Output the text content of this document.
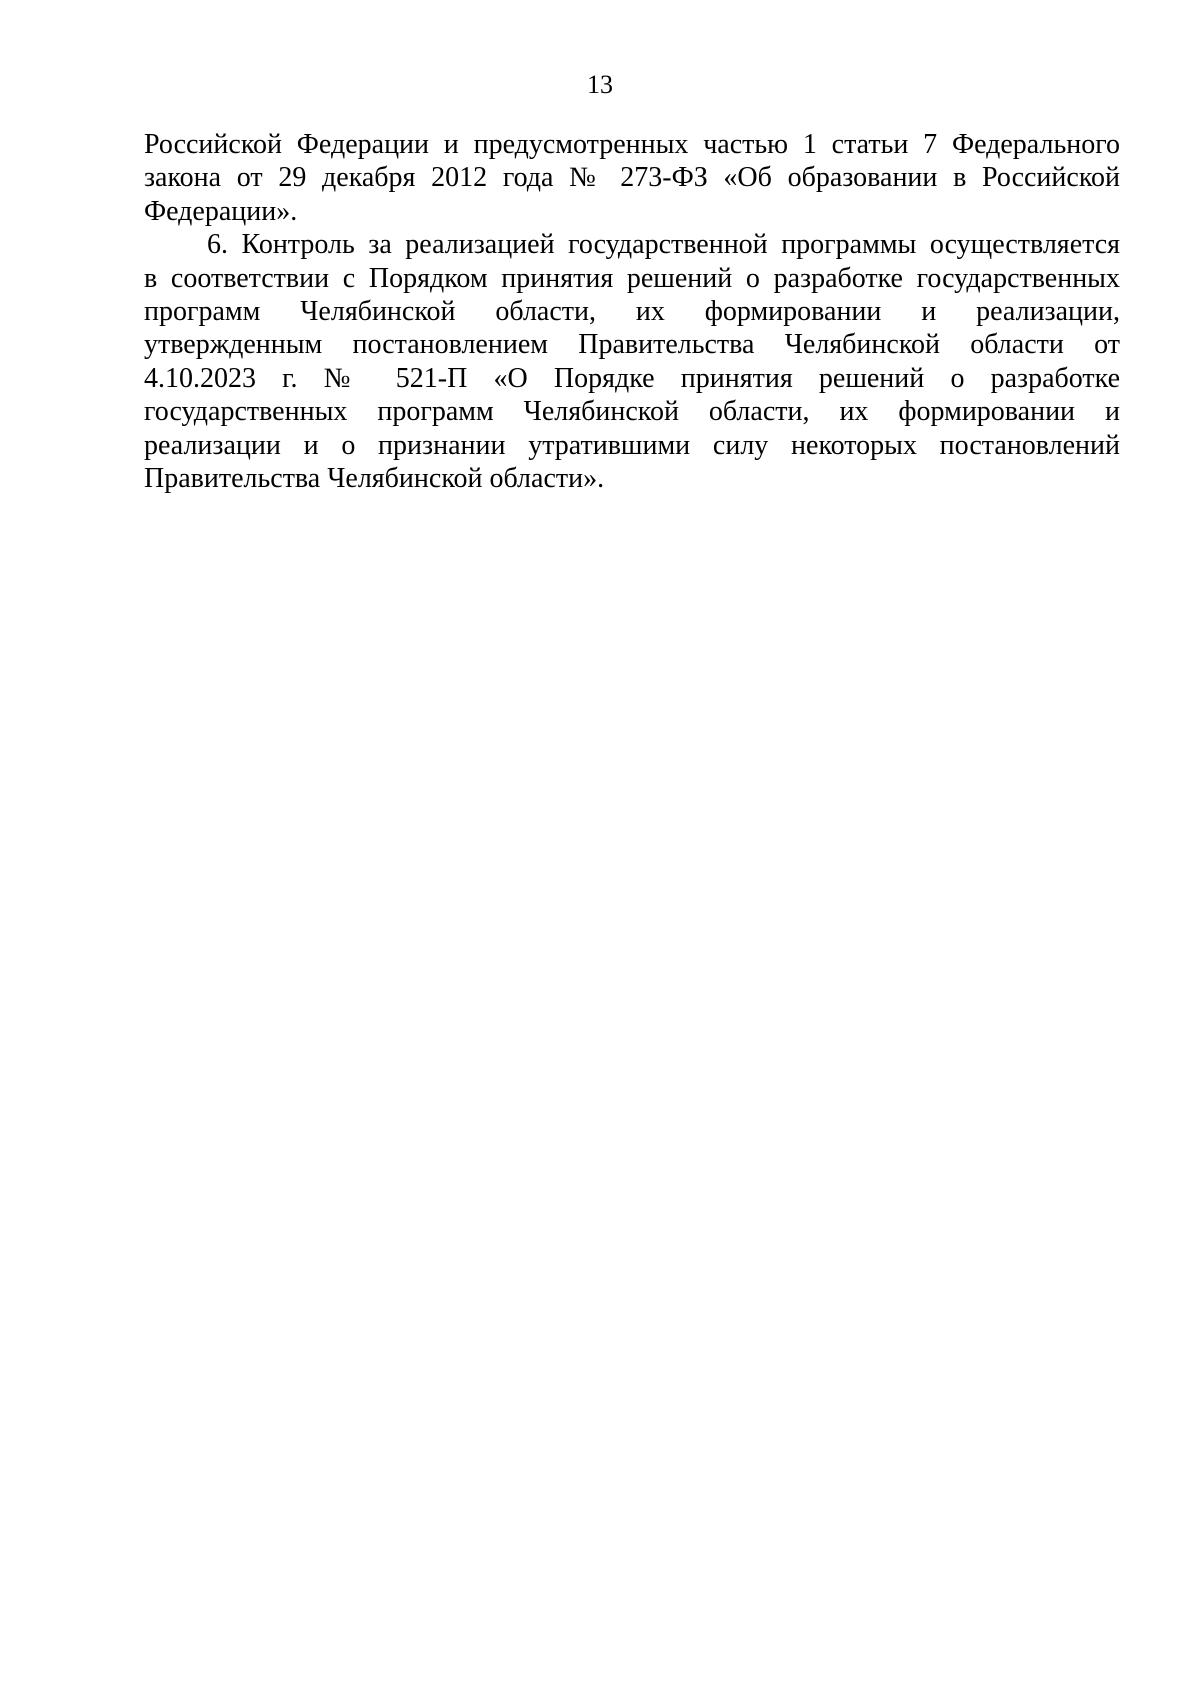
13
Российской Федерации и предусмотренных частью 1 статьи 7 Федерального
закона от 29 декабря 2012 года № 273-ФЗ «Об образовании в Российской
Федерации».
6. Контроль за реализацией государственной программы осуществляется
в соответствии с Порядком принятия решений о разработке государственных
программ Челябинской области, их формировании и реализации,
утвержденным постановлением Правительства Челябинской области от
4.10.2023 г. № 521-П «О Порядке принятия решений о разработке
государственных программ Челябинской области, их формировании и
реализации и о признании утратившими силу некоторых постановлений
Правительства Челябинской области».
